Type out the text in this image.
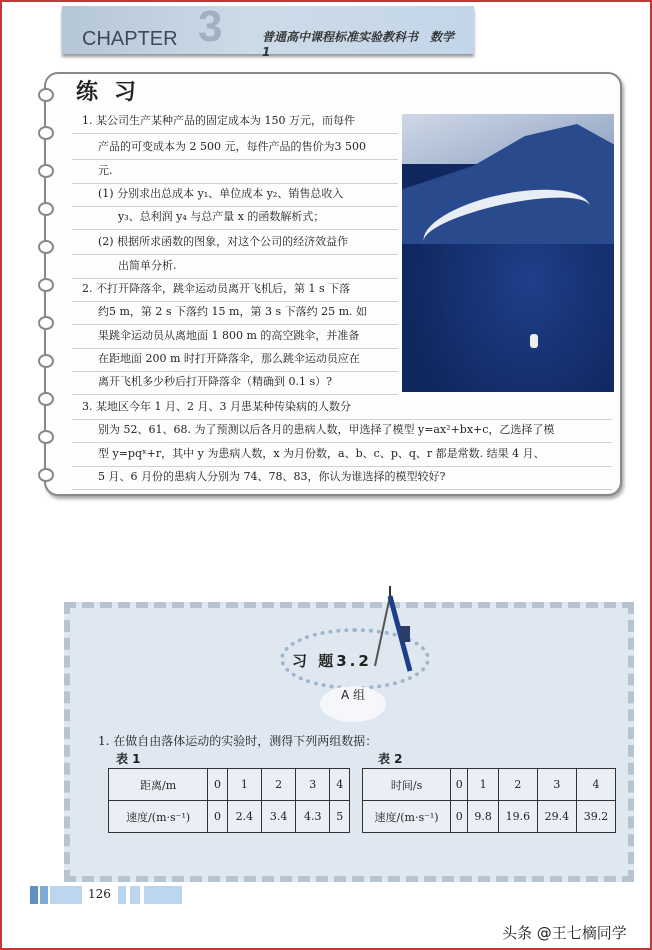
3
CHAPTER	普通高中课程标准实验教科书　数学　1
练习
1. 某公司生产某种产品的固定成本为 150 万元，而每件
产品的可变成本为 2 500 元，每件产品的售价为3 500
元.
(1) 分别求出总成本 y₁、单位成本 y₂、销售总收入
y₃、总利润 y₄ 与总产量 x 的函数解析式；
(2) 根据所求函数的图象，对这个公司的经济效益作
出简单分析.
2. 不打开降落伞，跳伞运动员离开飞机后，第 1 s 下落
约5 m，第 2 s 下落约 15 m，第 3 s 下落约 25 m. 如
果跳伞运动员从离地面 1 800 m 的高空跳伞，并准备
在距地面 200 m 时打开降落伞，那么跳伞运动员应在
离开飞机多少秒后打开降落伞（精确到 0.1 s）?
3. 某地区今年 1 月、2 月、3 月患某种传染病的人数分
别为 52、61、68. 为了预测以后各月的患病人数，甲选择了模型 y=ax²+bx+c，乙选择了模
型 y=pqˣ+r，其中 y 为患病人数，x 为月份数，a、b、c、p、q、r 都是常数. 结果 4 月、
5 月、6 月份的患病人分别为 74、78、83，你认为谁选择的模型较好?
习 题3.2
A 组
1. 在做自由落体运动的实验时，测得下列两组数据：
表 1	表 2
距离/m	0	1	2	3	4
速度/(m·s⁻¹)	0	2.4	3.4	4.3	5
时间/s	0	1	2	3	4
速度/(m·s⁻¹)	0	9.8	19.6	29.4	39.2
126
头条 @王七樀同学
